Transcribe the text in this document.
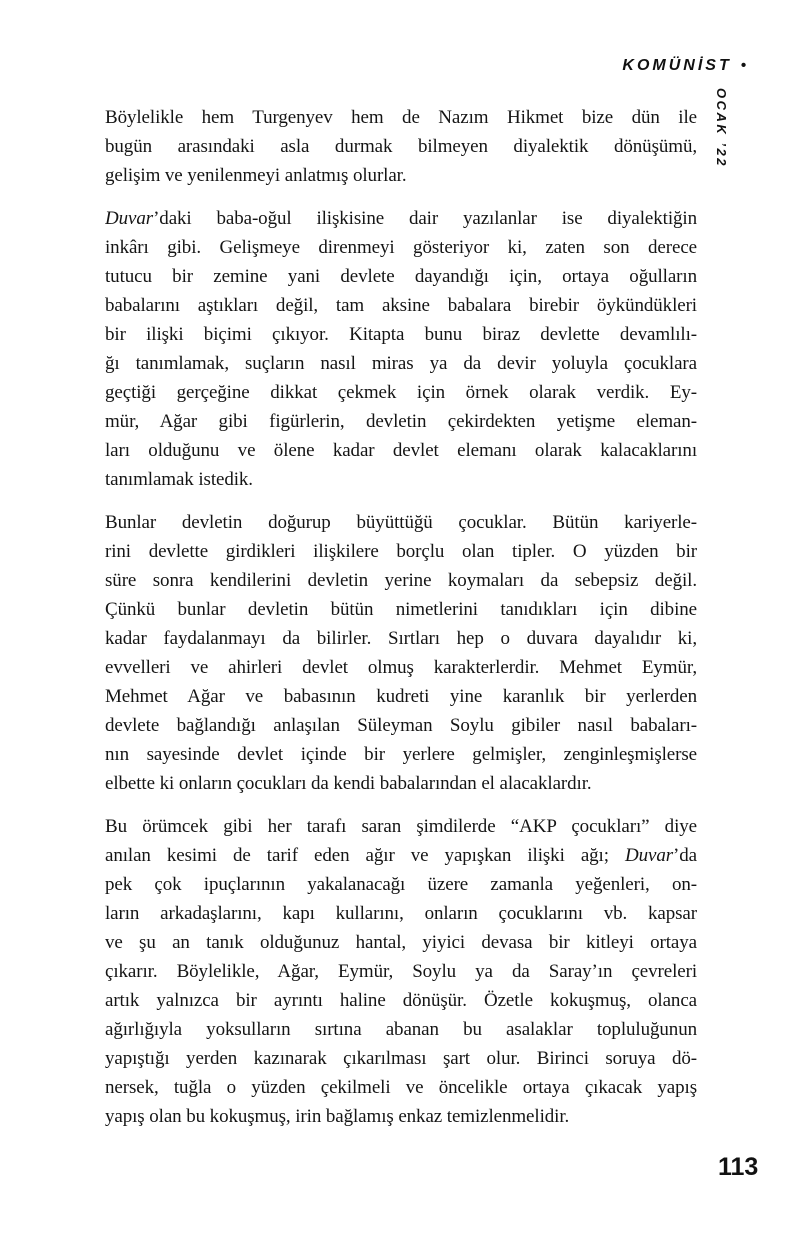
KOMÜNİST •
OCAK ’22

Böylelikle hem Turgenyev hem de Nazım Hikmet bize dün ile
bugün arasındaki asla durmak bilmeyen diyalektik dönüşümü,
gelişim ve yenilenmeyi anlatmış olurlar.

Duvar’daki baba-oğul ilişkisine dair yazılanlar ise diyalektiğin
inkârı gibi. Gelişmeye direnmeyi gösteriyor ki, zaten son derece
tutucu bir zemine yani devlete dayandığı için, ortaya oğulların
babalarını aştıkları değil, tam aksine babalara birebir öykündükleri
bir ilişki biçimi çıkıyor. Kitapta bunu biraz devlette devamlılı-
ğı tanımlamak, suçların nasıl miras ya da devir yoluyla çocuklara
geçtiği gerçeğine dikkat çekmek için örnek olarak verdik. Ey-
mür, Ağar gibi figürlerin, devletin çekirdekten yetişme eleman-
ları olduğunu ve ölene kadar devlet elemanı olarak kalacaklarını
tanımlamak istedik.

Bunlar devletin doğurup büyüttüğü çocuklar. Bütün kariyerle-
rini devlette girdikleri ilişkilere borçlu olan tipler. O yüzden bir
süre sonra kendilerini devletin yerine koymaları da sebepsiz değil.
Çünkü bunlar devletin bütün nimetlerini tanıdıkları için dibine
kadar faydalanmayı da bilirler. Sırtları hep o duvara dayalıdır ki,
evvelleri ve ahirleri devlet olmuş karakterlerdir. Mehmet Eymür,
Mehmet Ağar ve babasının kudreti yine karanlık bir yerlerden
devlete bağlandığı anlaşılan Süleyman Soylu gibiler nasıl babaları-
nın sayesinde devlet içinde bir yerlere gelmişler, zenginleşmişlerse
elbette ki onların çocukları da kendi babalarından el alacaklardır.

Bu örümcek gibi her tarafı saran şimdilerde “AKP çocukları” diye
anılan kesimi de tarif eden ağır ve yapışkan ilişki ağı; Duvar’da
pek çok ipuçlarının yakalanacağı üzere zamanla yeğenleri, on-
ların arkadaşlarını, kapı kullarını, onların çocuklarını vb. kapsar
ve şu an tanık olduğunuz hantal, yiyici devasa bir kitleyi ortaya
çıkarır. Böylelikle, Ağar, Eymür, Soylu ya da Saray’ın çevreleri
artık yalnızca bir ayrıntı haline dönüşür. Özetle kokuşmuş, olanca
ağırlığıyla yoksulların sırtına abanan bu asalaklar topluluğunun
yapıştığı yerden kazınarak çıkarılması şart olur. Birinci soruya dö-
nersek, tuğla o yüzden çekilmeli ve öncelikle ortaya çıkacak yapış
yapış olan bu kokuşmuş, irin bağlamış enkaz temizlenmelidir.

113
